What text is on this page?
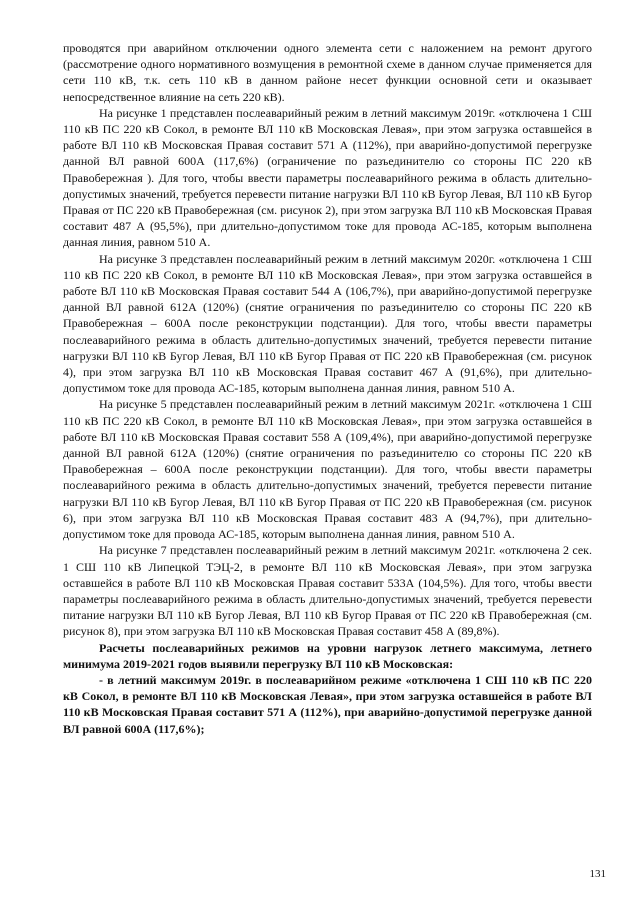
проводятся при аварийном отключении одного элемента сети с наложением на ремонт другого (рассмотрение одного нормативного возмущения в ремонтной схеме в данном случае применяется для сети 110 кВ, т.к. сеть 110 кВ в данном районе несет функции основной сети и оказывает непосредственное влияние на сеть 220 кВ).

На рисунке 1 представлен послеаварийный режим в летний максимум 2019г. «отключена 1 СШ 110 кВ ПС 220 кВ Сокол, в ремонте ВЛ 110 кВ Московская Левая», при этом загрузка оставшейся в работе ВЛ 110 кВ Московская Правая составит 571 А (112%), при аварийно-допустимой перегрузке данной ВЛ равной 600А (117,6%) (ограничение по разъединителю со стороны ПС 220 кВ Правобережная ). Для того, чтобы ввести параметры послеаварийного режима в область длительно-допустимых значений, требуется перевести питание нагрузки ВЛ 110 кВ Бугор Левая, ВЛ 110 кВ Бугор Правая от ПС 220 кВ Правобережная (см. рисунок 2), при этом загрузка ВЛ 110 кВ Московская Правая составит 487 А (95,5%), при длительно-допустимом токе для провода АС-185, которым выполнена данная линия, равном 510 А.

На рисунке 3 представлен послеаварийный режим в летний максимум 2020г. «отключена 1 СШ 110 кВ ПС 220 кВ Сокол, в ремонте ВЛ 110 кВ Московская Левая», при этом загрузка оставшейся в работе ВЛ 110 кВ Московская Правая составит 544 А (106,7%), при аварийно-допустимой перегрузке данной ВЛ равной 612А (120%) (снятие ограничения по разъединителю со стороны ПС 220 кВ Правобережная – 600А после реконструкции подстанции). Для того, чтобы ввести параметры послеаварийного режима в область длительно-допустимых значений, требуется перевести питание нагрузки ВЛ 110 кВ Бугор Левая, ВЛ 110 кВ Бугор Правая от ПС 220 кВ Правобережная (см. рисунок 4), при этом загрузка ВЛ 110 кВ Московская Правая составит 467 А (91,6%), при длительно-допустимом токе для провода АС-185, которым выполнена данная линия, равном 510 А.

На рисунке 5 представлен послеаварийный режим в летний максимум 2021г. «отключена 1 СШ 110 кВ ПС 220 кВ Сокол, в ремонте ВЛ 110 кВ Московская Левая», при этом загрузка оставшейся в работе ВЛ 110 кВ Московская Правая составит 558 А (109,4%), при аварийно-допустимой перегрузке данной ВЛ равной 612А (120%) (снятие ограничения по разъединителю со стороны ПС 220 кВ Правобережная – 600А после реконструкции подстанции). Для того, чтобы ввести параметры послеаварийного режима в область длительно-допустимых значений, требуется перевести питание нагрузки ВЛ 110 кВ Бугор Левая, ВЛ 110 кВ Бугор Правая от ПС 220 кВ Правобережная (см. рисунок 6), при этом загрузка ВЛ 110 кВ Московская Правая составит 483 А (94,7%), при длительно-допустимом токе для провода АС-185, которым выполнена данная линия, равном 510 А.

На рисунке 7 представлен послеаварийный режим в летний максимум 2021г. «отключена 2 сек. 1 СШ 110 кВ Липецкой ТЭЦ-2, в ремонте ВЛ 110 кВ Московская Левая», при этом загрузка оставшейся в работе ВЛ 110 кВ Московская Правая составит 533А (104,5%). Для того, чтобы ввести параметры послеаварийного режима в область длительно-допустимых значений, требуется перевести питание нагрузки ВЛ 110 кВ Бугор Левая, ВЛ 110 кВ Бугор Правая от ПС 220 кВ Правобережная (см. рисунок 8), при этом загрузка ВЛ 110 кВ Московская Правая составит 458 А (89,8%).

Расчеты послеаварийных режимов на уровни нагрузок летнего максимума, летнего минимума 2019-2021 годов выявили перегрузку ВЛ 110 кВ Московская:

- в летний максимум 2019г. в послеаварийном режиме «отключена 1 СШ 110 кВ ПС 220 кВ Сокол, в ремонте ВЛ 110 кВ Московская Левая», при этом загрузка оставшейся в работе ВЛ 110 кВ Московская Правая составит 571 А (112%), при аварийно-допустимой перегрузке данной ВЛ равной 600А (117,6%);

131
